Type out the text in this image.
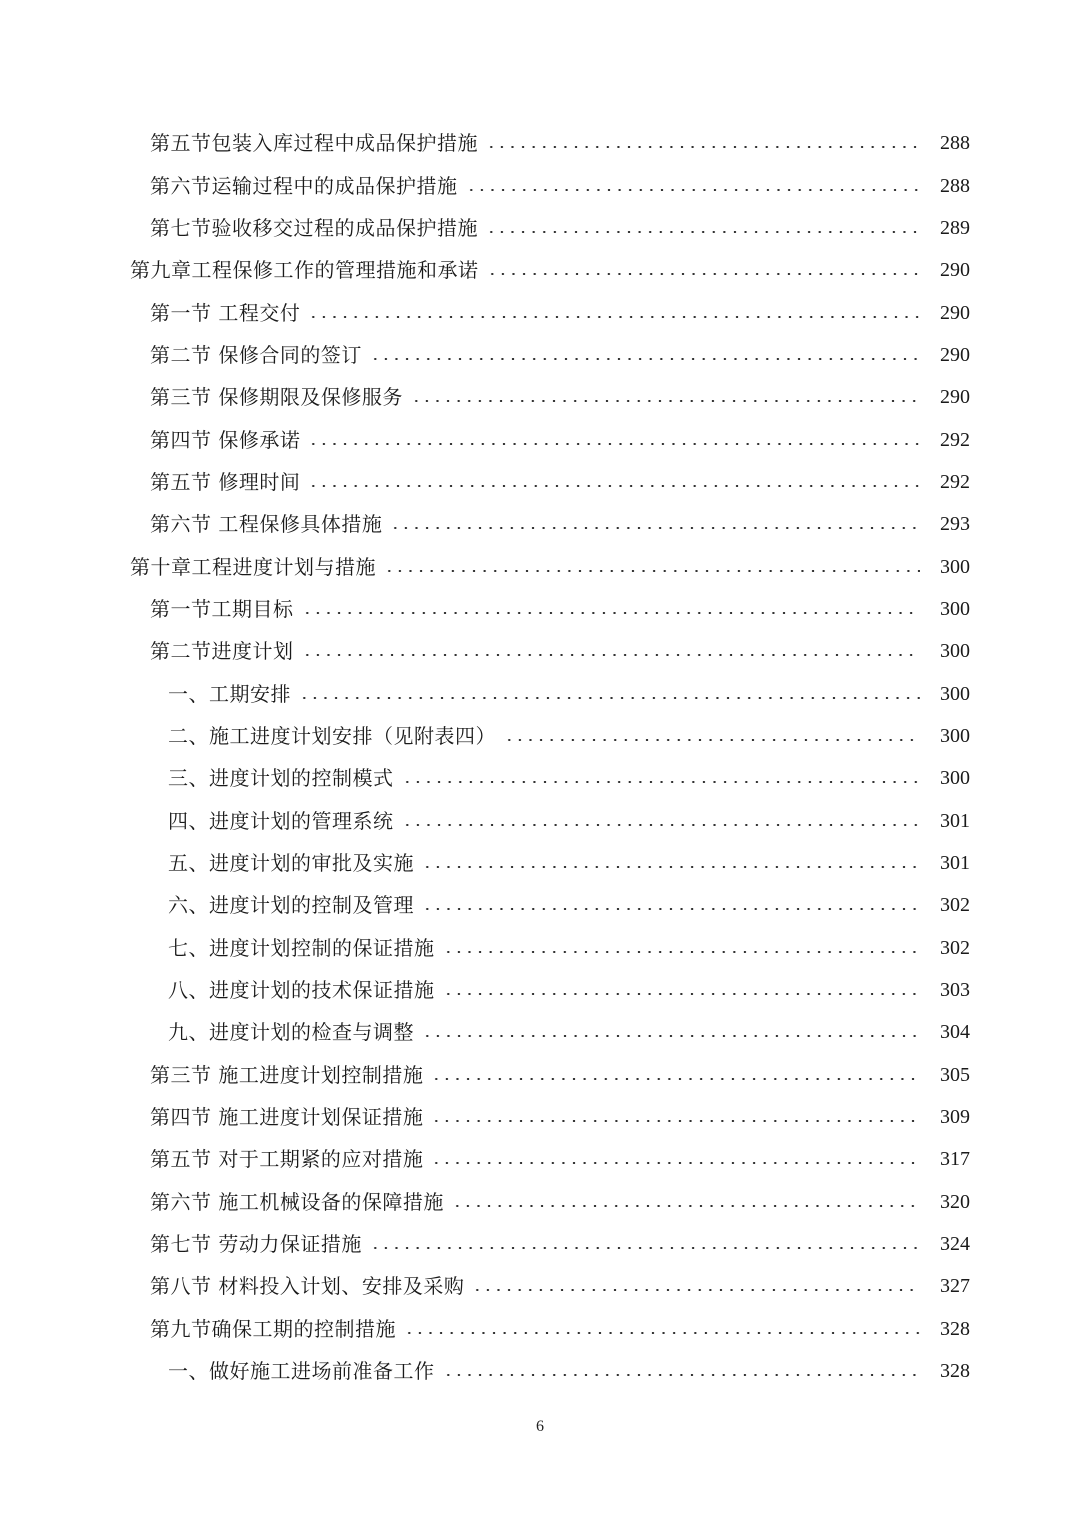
第五节包装入库过程中成品保护措施	288
第六节运输过程中的成品保护措施	288
第七节验收移交过程的成品保护措施	289
第九章工程保修工作的管理措施和承诺	290
第一节 工程交付	290
第二节 保修合同的签订	290
第三节 保修期限及保修服务	290
第四节 保修承诺	292
第五节 修理时间	292
第六节 工程保修具体措施	293
第十章工程进度计划与措施	300
第一节工期目标	300
第二节进度计划	300
一、工期安排	300
二、施工进度计划安排（见附表四）	300
三、进度计划的控制模式	300
四、进度计划的管理系统	301
五、进度计划的审批及实施	301
六、进度计划的控制及管理	302
七、进度计划控制的保证措施	302
八、进度计划的技术保证措施	303
九、进度计划的检查与调整	304
第三节 施工进度计划控制措施	305
第四节 施工进度计划保证措施	309
第五节 对于工期紧的应对措施	317
第六节 施工机械设备的保障措施	320
第七节 劳动力保证措施	324
第八节 材料投入计划、安排及采购	327
第九节确保工期的控制措施	328
一、做好施工进场前准备工作	328
6
